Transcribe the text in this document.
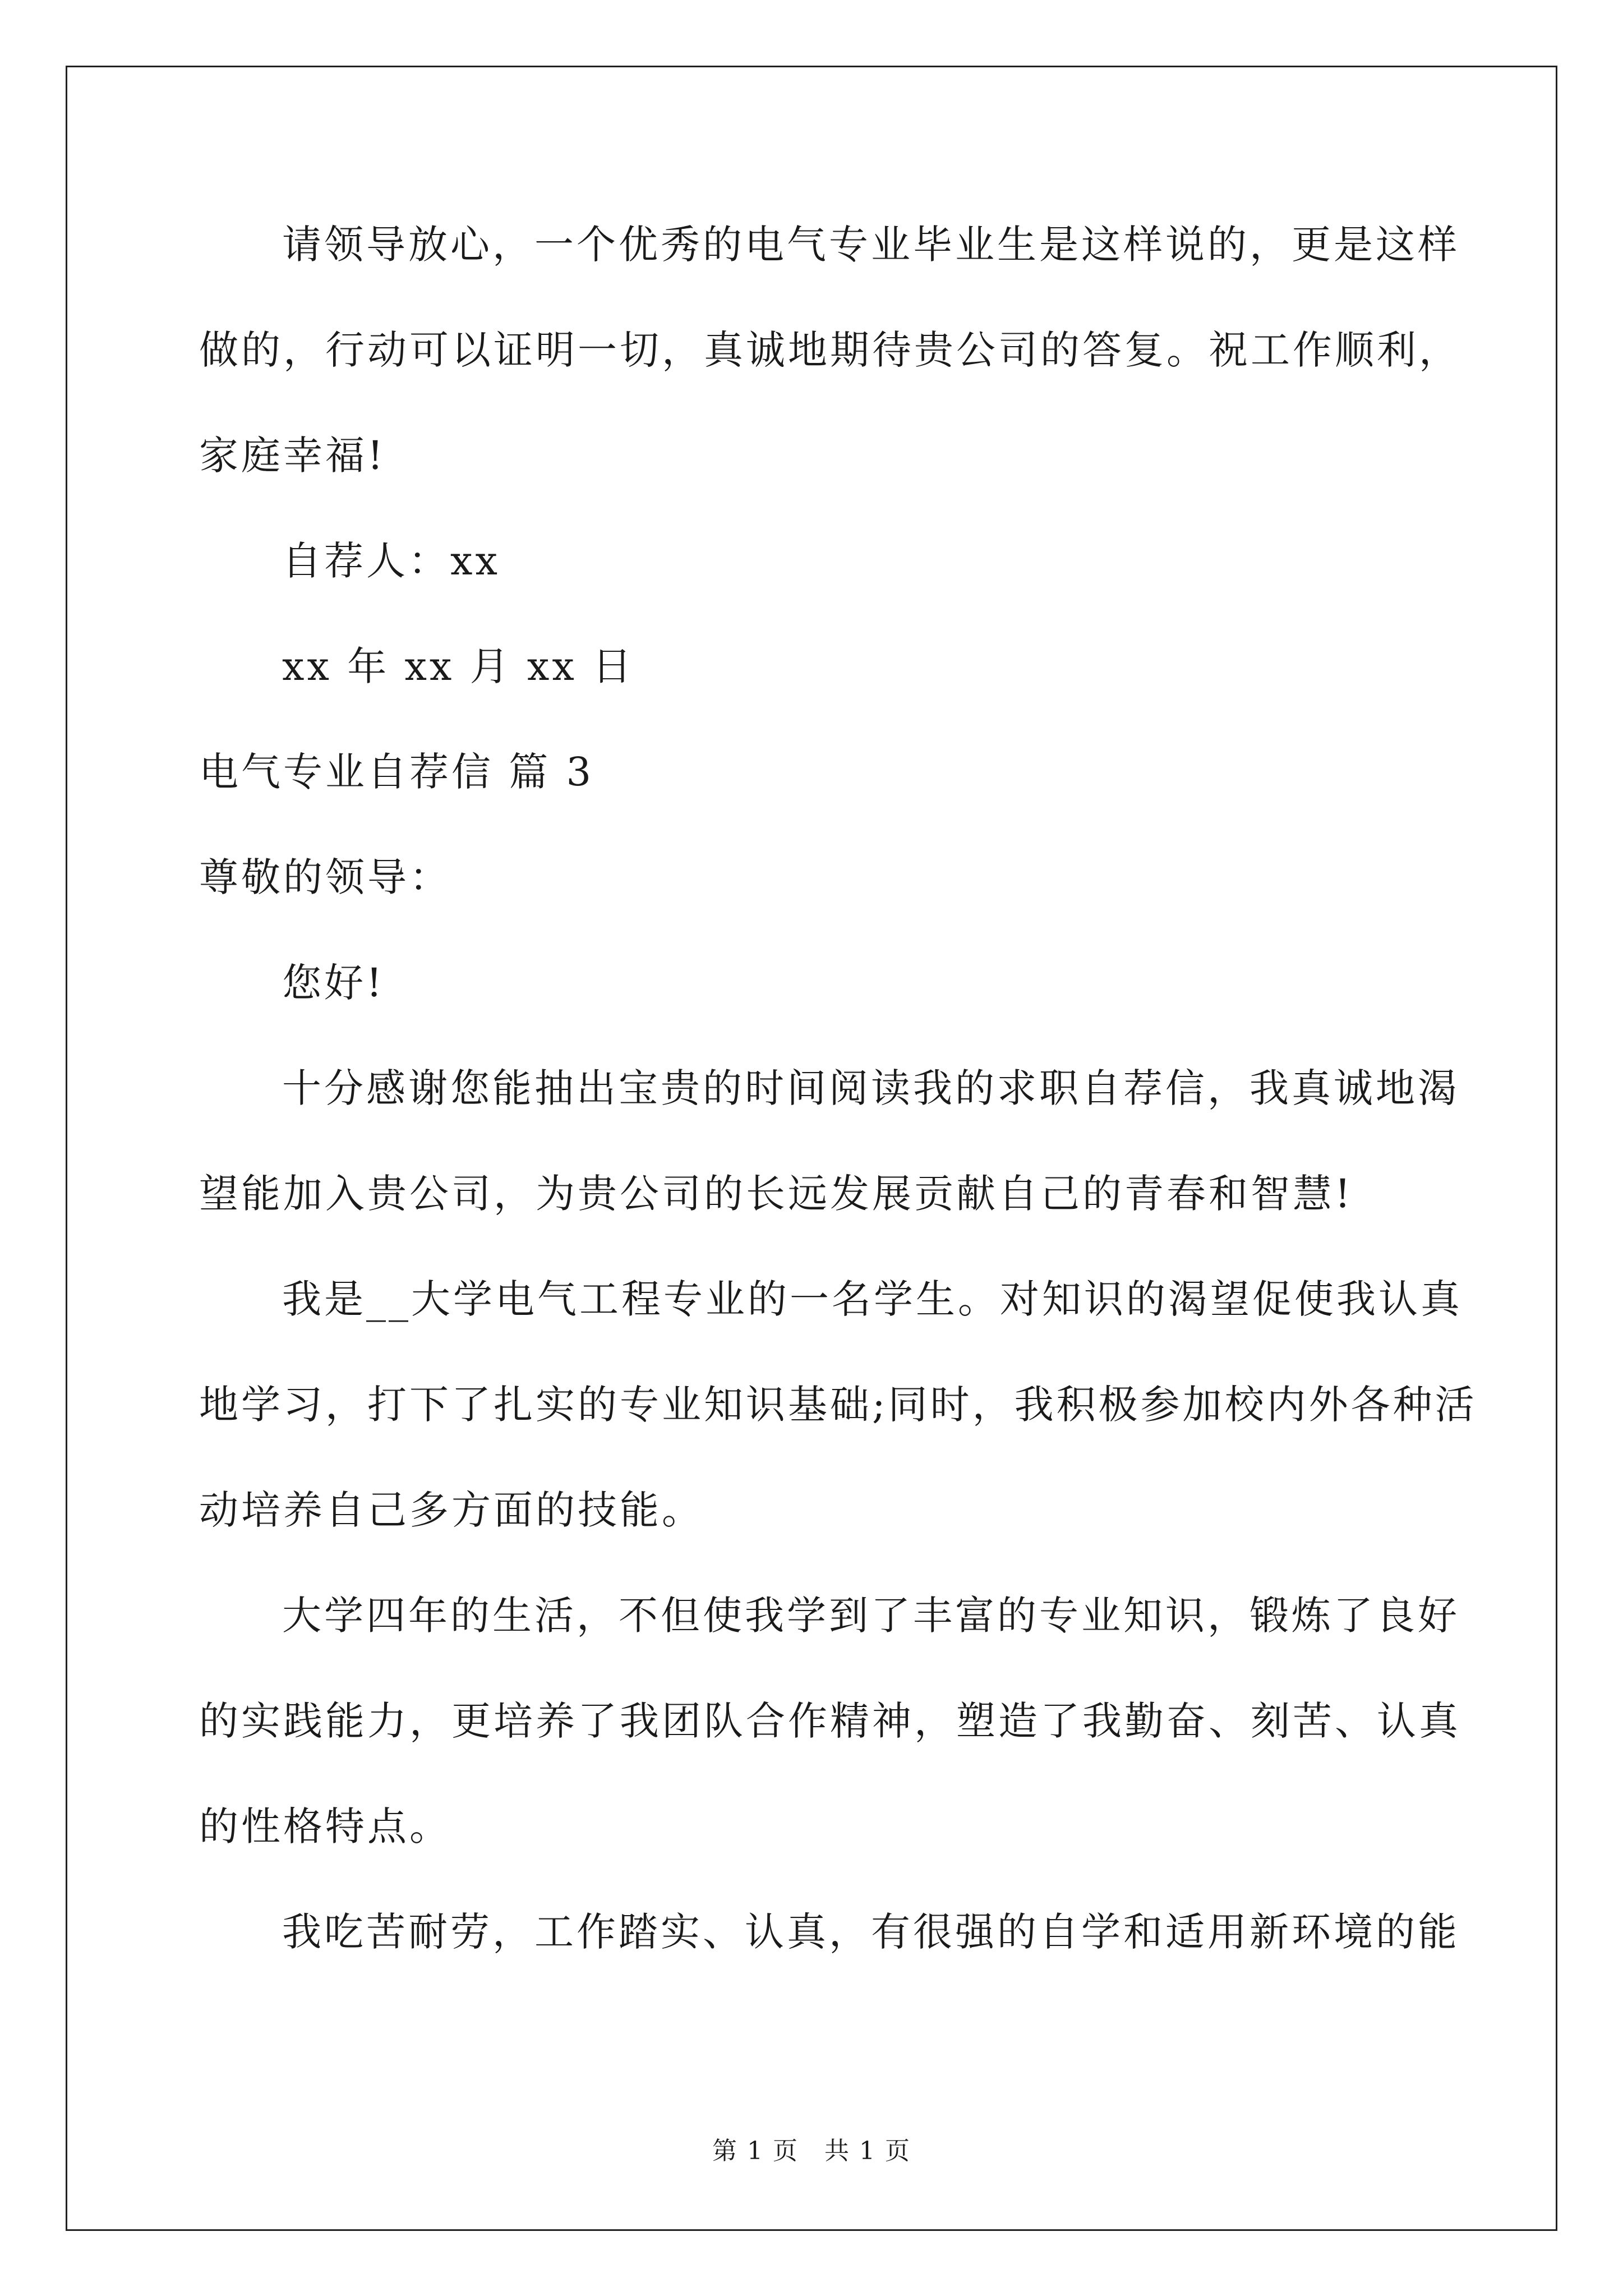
请领导放心，一个优秀的电气专业毕业生是这样说的，更是这样
做的，行动可以证明一切，真诚地期待贵公司的答复。祝工作顺利，
家庭幸福!
自荐人：xx
xx 年 xx 月 xx 日
电气专业自荐信 篇 3
尊敬的领导：
您好!
十分感谢您能抽出宝贵的时间阅读我的求职自荐信，我真诚地渴
望能加入贵公司，为贵公司的长远发展贡献自己的青春和智慧!
我是__大学电气工程专业的一名学生。对知识的渴望促使我认真
地学习，打下了扎实的专业知识基础;同时，我积极参加校内外各种活
动培养自己多方面的技能。
大学四年的生活，不但使我学到了丰富的专业知识，锻炼了良好
的实践能力，更培养了我团队合作精神，塑造了我勤奋、刻苦、认真
的性格特点。
我吃苦耐劳，工作踏实、认真，有很强的自学和适用新环境的能
第 1 页　共 1 页
